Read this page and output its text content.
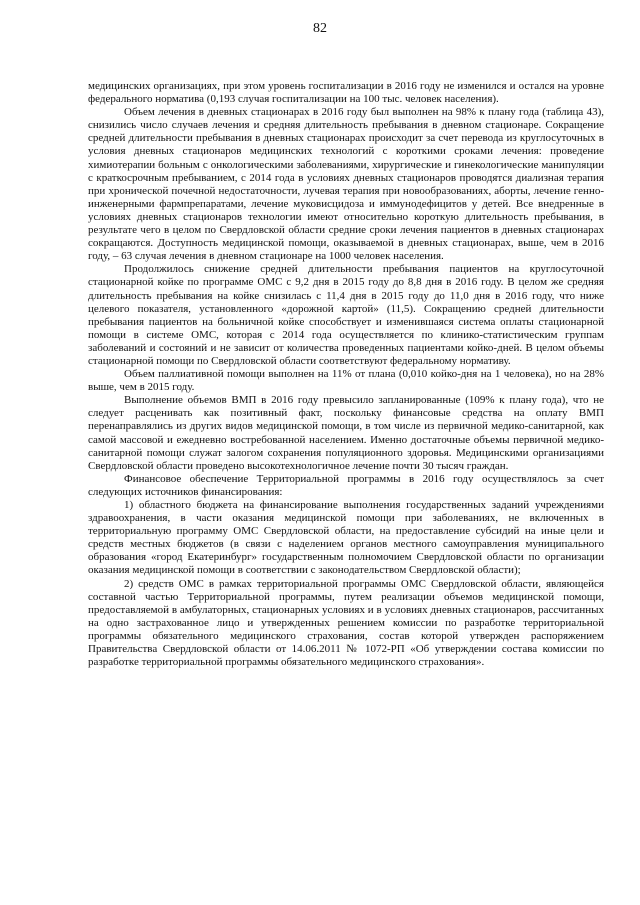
82

медицинских организациях, при этом уровень госпитализации в 2016 году не изменился и остался на уровне федерального норматива (0,193 случая госпитализации на 100 тыс. человек населения).

Объем лечения в дневных стационарах в 2016 году был выполнен на 98% к плану года (таблица 43), снизились число случаев лечения и средняя длительность пребывания в дневном стационаре. Сокращение средней длительности пребывания в дневных стационарах происходит за счет перевода из круглосуточных в условия дневных стационаров медицинских технологий с короткими сроками лечения: проведение химиотерапии больным с онкологическими заболеваниями, хирургические и гинекологические манипуляции с краткосрочным пребыванием, с 2014 года в условиях дневных стационаров проводятся диализная терапия при хронической почечной недостаточности, лучевая терапия при новообразованиях, аборты, лечение генно-инженерными фармпрепаратами, лечение муковисцидоза и иммунодефицитов у детей. Все внедренные в условиях дневных стационаров технологии имеют относительно короткую длительность пребывания, в результате чего в целом по Свердловской области средние сроки лечения пациентов в дневных стационарах сокращаются. Доступность медицинской помощи, оказываемой в дневных стационарах, выше, чем в 2016 году, – 63 случая лечения в дневном стационаре на 1000 человек населения.

Продолжилось снижение средней длительности пребывания пациентов на круглосуточной стационарной койке по программе ОМС с 9,2 дня в 2015 году до 8,8 дня в 2016 году. В целом же средняя длительность пребывания на койке снизилась с 11,4 дня в 2015 году до 11,0 дня в 2016 году, что ниже целевого показателя, установленного «дорожной картой» (11,5). Сокращению средней длительности пребывания пациентов на больничной койке способствует и изменившаяся система оплаты стационарной помощи в системе ОМС, которая с 2014 года осуществляется по клинико-статистическим группам заболеваний и состояний и не зависит от количества проведенных пациентами койко-дней. В целом объемы стационарной помощи по Свердловской области соответствуют федеральному нормативу.

Объем паллиативной помощи выполнен на 11% от плана (0,010 койко-дня на 1 человека), но на 28% выше, чем в 2015 году.

Выполнение объемов ВМП в 2016 году превысило запланированные (109% к плану года), что не следует расценивать как позитивный факт, поскольку финансовые средства на оплату ВМП перенаправлялись из других видов медицинской помощи, в том числе из первичной медико-санитарной, как самой массовой и ежедневно востребованной населением. Именно достаточные объемы первичной медико-санитарной помощи служат залогом сохранения популяционного здоровья. Медицинскими организациями Свердловской области проведено высокотехнологичное лечение почти 30 тысяч граждан.

Финансовое обеспечение Территориальной программы в 2016 году осуществлялось за счет следующих источников финансирования:

1) областного бюджета на финансирование выполнения государственных заданий учреждениями здравоохранения, в части оказания медицинской помощи при заболеваниях, не включенных в территориальную программу ОМС Свердловской области, на предоставление субсидий на иные цели и средств местных бюджетов (в связи с наделением органов местного самоуправления муниципального образования «город Екатеринбург» государственным полномочием Свердловской области по организации оказания медицинской помощи в соответствии с законодательством Свердловской области);

2) средств ОМС в рамках территориальной программы ОМС Свердловской области, являющейся составной частью Территориальной программы, путем реализации объемов медицинской помощи, предоставляемой в амбулаторных, стационарных условиях и в условиях дневных стационаров, рассчитанных на одно застрахованное лицо и утвержденных решением комиссии по разработке территориальной программы обязательного медицинского страхования, состав которой утвержден распоряжением Правительства Свердловской области от 14.06.2011 № 1072-РП «Об утверждении состава комиссии по разработке территориальной программы обязательного медицинского страхования».
